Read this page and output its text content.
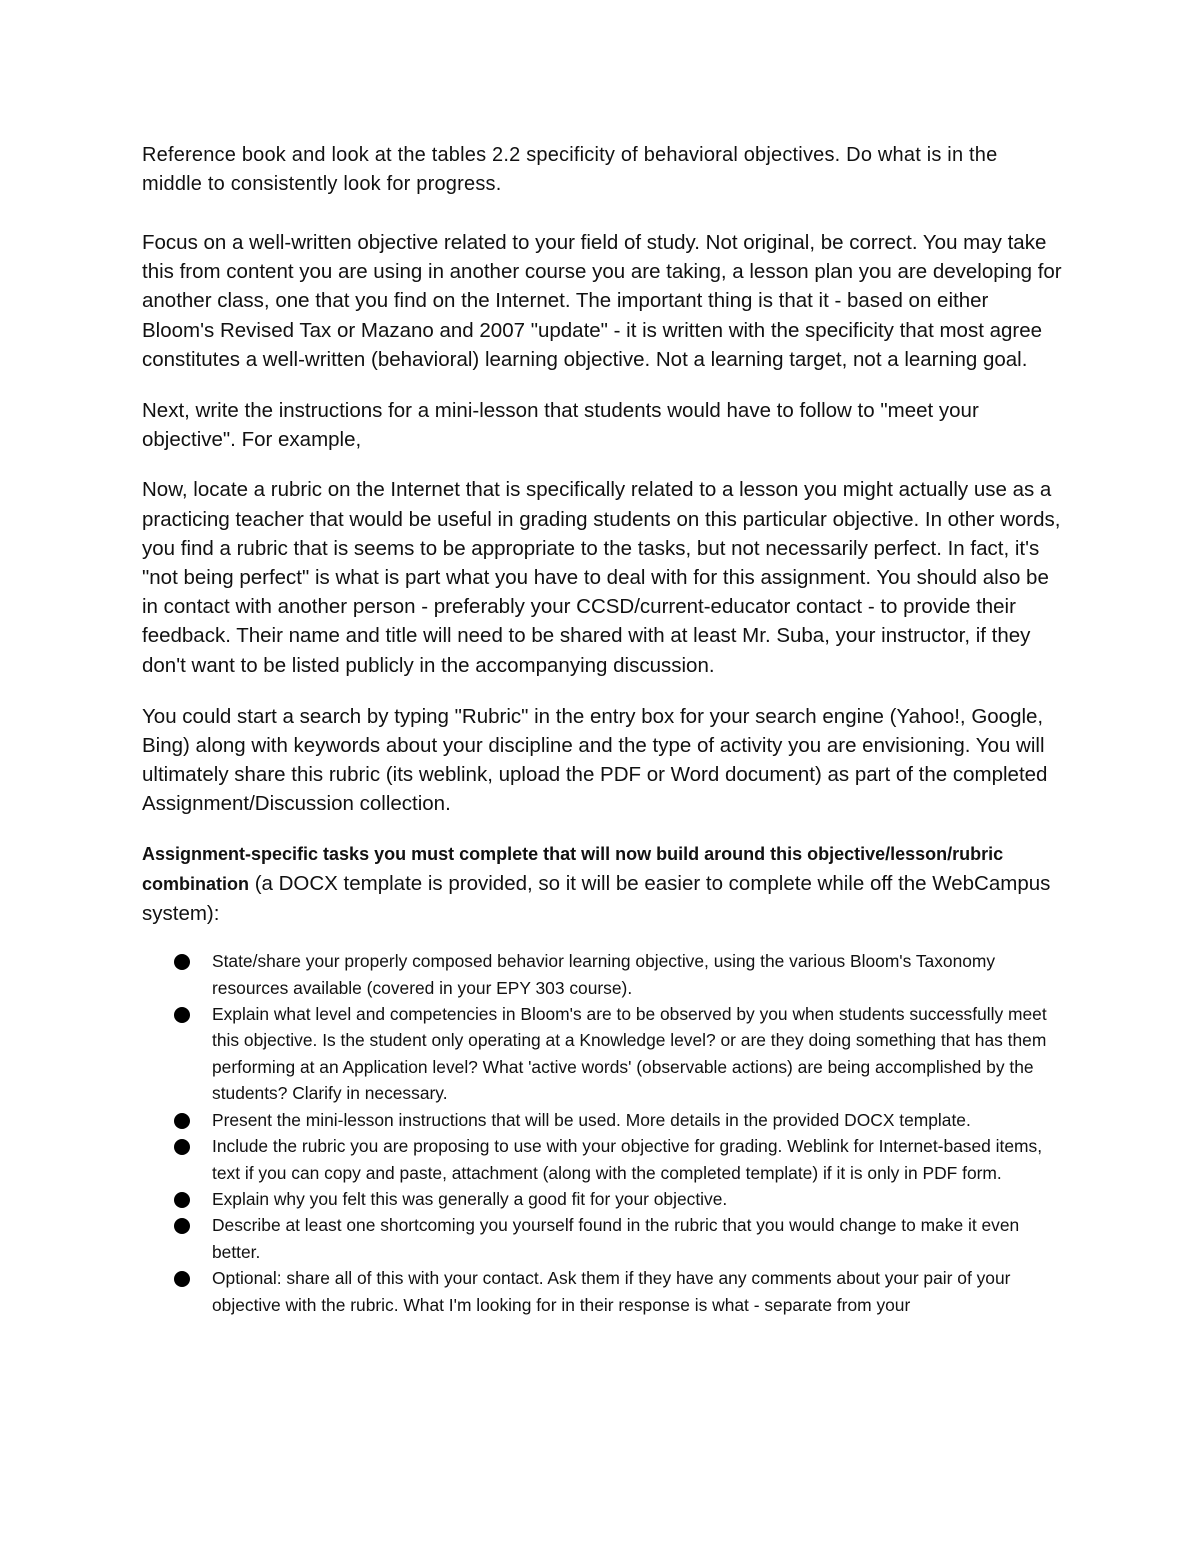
Reference book and look at the tables 2.2 specificity of behavioral objectives. Do what is in the middle to consistently look for progress.

Focus on a well-written objective related to your field of study. Not original, be correct. You may take this from content you are using in another course you are taking, a lesson plan you are developing for another class, one that you find on the Internet. The important thing is that it - based on either Bloom's Revised Tax or Mazano and 2007 "update" - it is written with the specificity that most agree constitutes a well-written (behavioral) learning objective. Not a learning target, not a learning goal.

Next, write the instructions for a mini-lesson that students would have to follow to "meet your objective". For example,

Now, locate a rubric on the Internet that is specifically related to a lesson you might actually use as a practicing teacher that would be useful in grading students on this particular objective. In other words, you find a rubric that is seems to be appropriate to the tasks, but not necessarily perfect. In fact, it's "not being perfect" is what is part what you have to deal with for this assignment. You should also be in contact with another person - preferably your CCSD/current-educator contact - to provide their feedback. Their name and title will need to be shared with at least Mr. Suba, your instructor, if they don't want to be listed publicly in the accompanying discussion.

You could start a search by typing "Rubric" in the entry box for your search engine (Yahoo!, Google, Bing) along with keywords about your discipline and the type of activity you are envisioning. You will ultimately share this rubric (its weblink, upload the PDF or Word document) as part of the completed Assignment/Discussion collection.

Assignment-specific tasks you must complete that will now build around this objective/lesson/rubric combination (a DOCX template is provided, so it will be easier to complete while off the WebCampus system):

State/share your properly composed behavior learning objective, using the various Bloom's Taxonomy resources available (covered in your EPY 303 course).
Explain what level and competencies in Bloom's are to be observed by you when students successfully meet this objective. Is the student only operating at a Knowledge level? or are they doing something that has them performing at an Application level? What 'active words' (observable actions) are being accomplished by the students? Clarify in necessary.
Present the mini-lesson instructions that will be used. More details in the provided DOCX template.
Include the rubric you are proposing to use with your objective for grading. Weblink for Internet-based items, text if you can copy and paste, attachment (along with the completed template) if it is only in PDF form.
Explain why you felt this was generally a good fit for your objective.
Describe at least one shortcoming you yourself found in the rubric that you would change to make it even better.
Optional: share all of this with your contact. Ask them if they have any comments about your pair of your objective with the rubric. What I'm looking for in their response is what - separate from your
